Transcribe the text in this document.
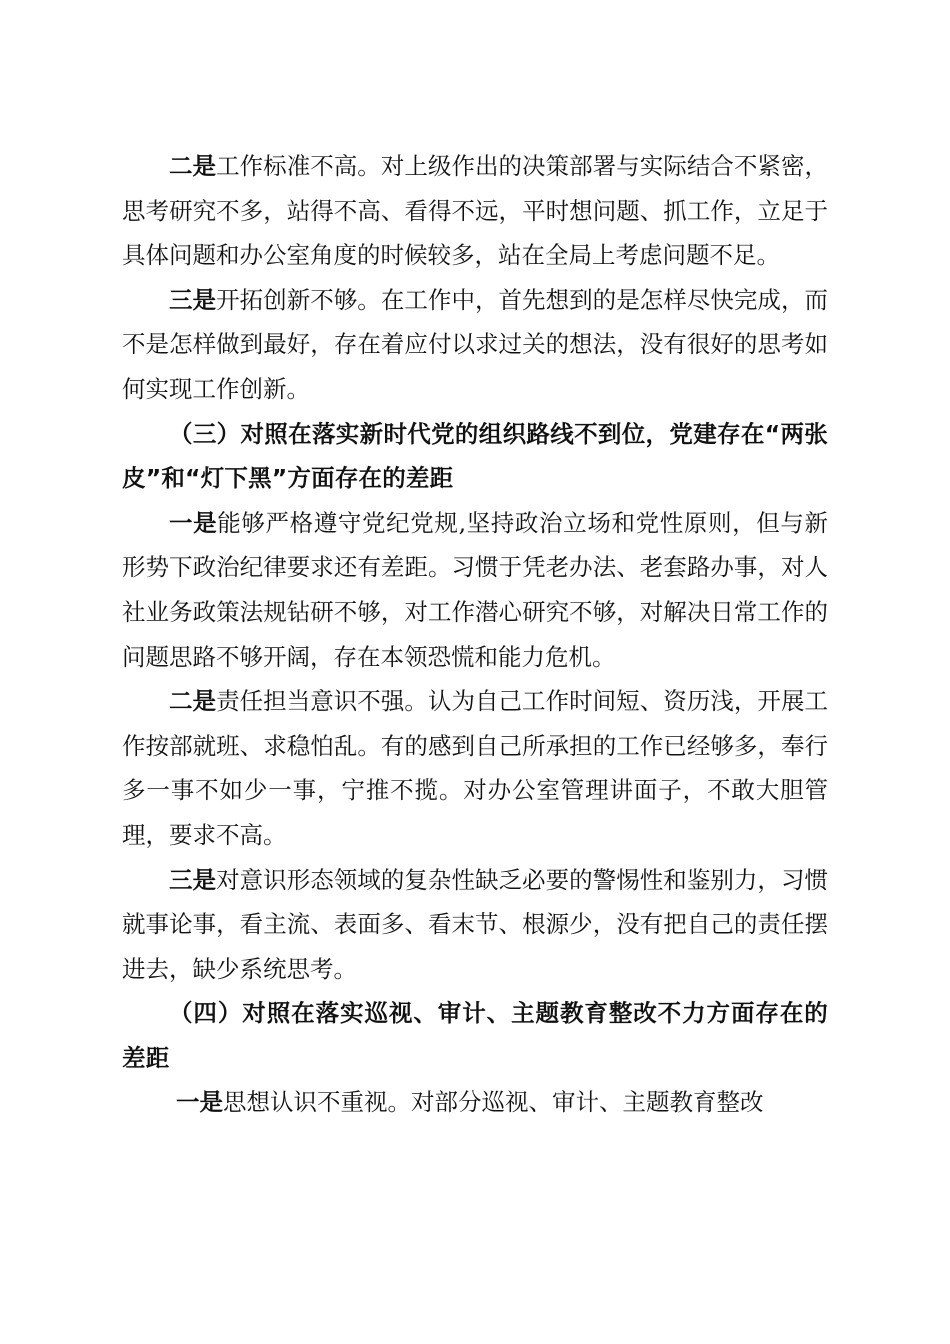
二是工作标准不高。对上级作出的决策部署与实际结合不紧密，思考研究不多，站得不高、看得不远，平时想问题、抓工作，立足于具体问题和办公室角度的时候较多，站在全局上考虑问题不足。

三是开拓创新不够。在工作中，首先想到的是怎样尽快完成，而不是怎样做到最好，存在着应付以求过关的想法，没有很好的思考如何实现工作创新。

（三）对照在落实新时代党的组织路线不到位，党建存在“两张皮”和“灯下黑”方面存在的差距

一是能够严格遵守党纪党规,坚持政治立场和党性原则，但与新形势下政治纪律要求还有差距。习惯于凭老办法、老套路办事，对人社业务政策法规钻研不够，对工作潜心研究不够，对解决日常工作的问题思路不够开阔，存在本领恐慌和能力危机。

二是责任担当意识不强。认为自己工作时间短、资历浅，开展工作按部就班、求稳怕乱。有的感到自己所承担的工作已经够多，奉行多一事不如少一事，宁推不揽。对办公室管理讲面子，不敢大胆管理，要求不高。

三是对意识形态领域的复杂性缺乏必要的警惕性和鉴别力，习惯就事论事，看主流、表面多、看末节、根源少，没有把自己的责任摆进去，缺少系统思考。

（四）对照在落实巡视、审计、主题教育整改不力方面存在的差距

一是思想认识不重视。对部分巡视、审计、主题教育整改
